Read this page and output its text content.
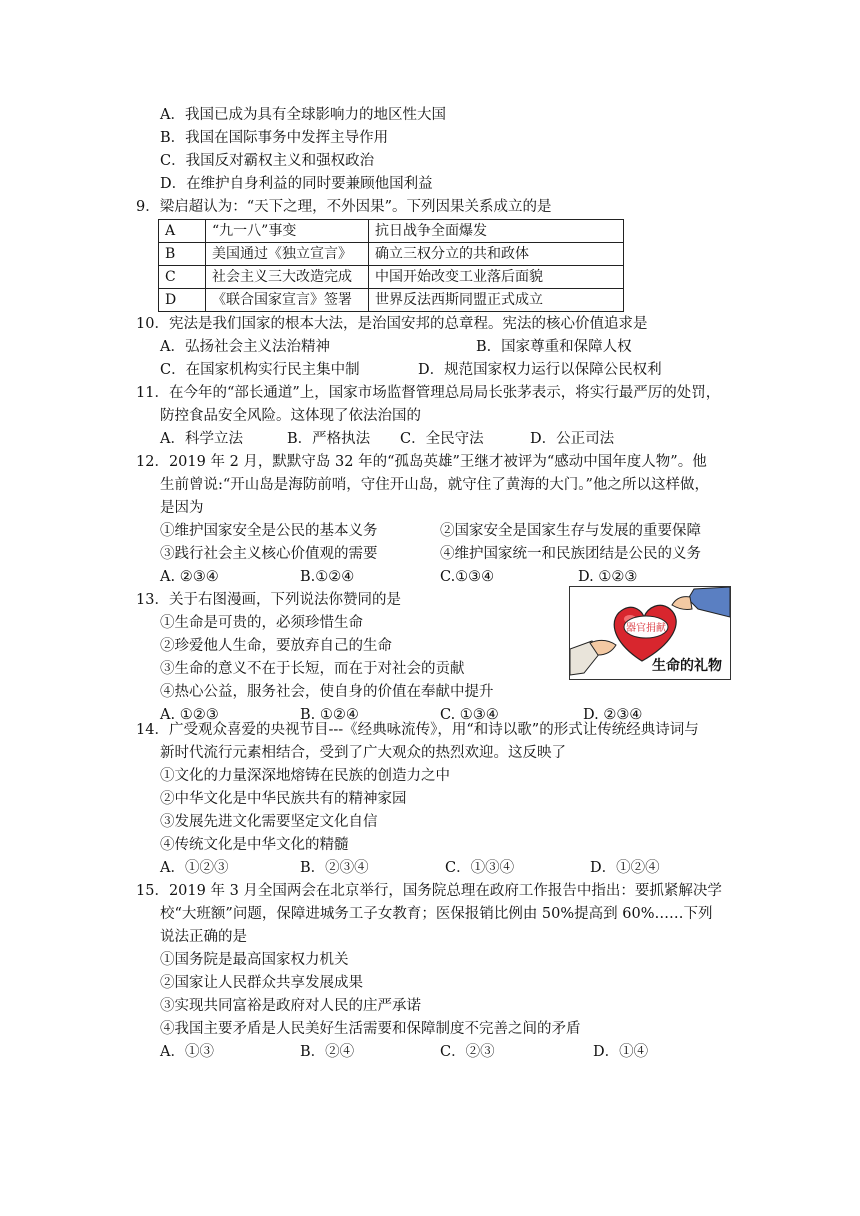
A．我国已成为具有全球影响力的地区性大国
B．我国在国际事务中发挥主导作用
C．我国反对霸权主义和强权政治
D．在维护自身利益的同时要兼顾他国利益
9．梁启超认为：“天下之理，不外因果”。下列因果关系成立的是
A	“九一八”事变	抗日战争全面爆发
B	美国通过《独立宣言》	确立三权分立的共和政体
C	社会主义三大改造完成	中国开始改变工业落后面貌
D	《联合国家宣言》签署	世界反法西斯同盟正式成立
10．宪法是我们国家的根本大法，是治国安邦的总章程。宪法的核心价值追求是
A．弘扬社会主义法治精神	B．国家尊重和保障人权
C．在国家机构实行民主集中制	D．规范国家权力运行以保障公民权利
11．在今年的“部长通道”上，国家市场监督管理总局局长张茅表示，将实行最严厉的处罚，
防控食品安全风险。这体现了依法治国的
A．科学立法	B．严格执法 C．全民守法	D．公正司法
12．2019 年 2 月，默默守岛 32 年的“孤岛英雄”王继才被评为“感动中国年度人物”。他
生前曾说:“开山岛是海防前哨，守住开山岛，就守住了黄海的大门。”他之所以这样做，
是因为
①维护国家安全是公民的基本义务	②国家安全是国家生存与发展的重要保障
③践行社会主义核心价值观的需要	④维护国家统一和民族团结是公民的义务
A. ②③④	B.①②④	C.①③④	D. ①②③
13．关于右图漫画，下列说法你赞同的是
①生命是可贵的，必须珍惜生命
②珍爱他人生命，要放弃自己的生命
③生命的意义不在于长短，而在于对社会的贡献
④热心公益，服务社会，使自身的价值在奉献中提升
A. ①②③	B. ①②④	C. ①③④	D. ②③④
器官捐献
生命的礼物
14．广受观众喜爱的央视节目---《经典咏流传》，用“和诗以歌”的形式让传统经典诗词与
新时代流行元素相结合，受到了广大观众的热烈欢迎。这反映了
①文化的力量深深地熔铸在民族的创造力之中
②中华文化是中华民族共有的精神家园
③发展先进文化需要坚定文化自信
④传统文化是中华文化的精髓
A．①②③	B．②③④	C．①③④	D．①②④
15．2019 年 3 月全国两会在北京举行，国务院总理在政府工作报告中指出：要抓紧解决学
校“大班额”问题，保障进城务工子女教育；医保报销比例由 50%提高到 60%……下列
说法正确的是
①国务院是最高国家权力机关
②国家让人民群众共享发展成果
③实现共同富裕是政府对人民的庄严承诺
④我国主要矛盾是人民美好生活需要和保障制度不完善之间的矛盾
A．①③	B．②④	C．②③	D．①④
